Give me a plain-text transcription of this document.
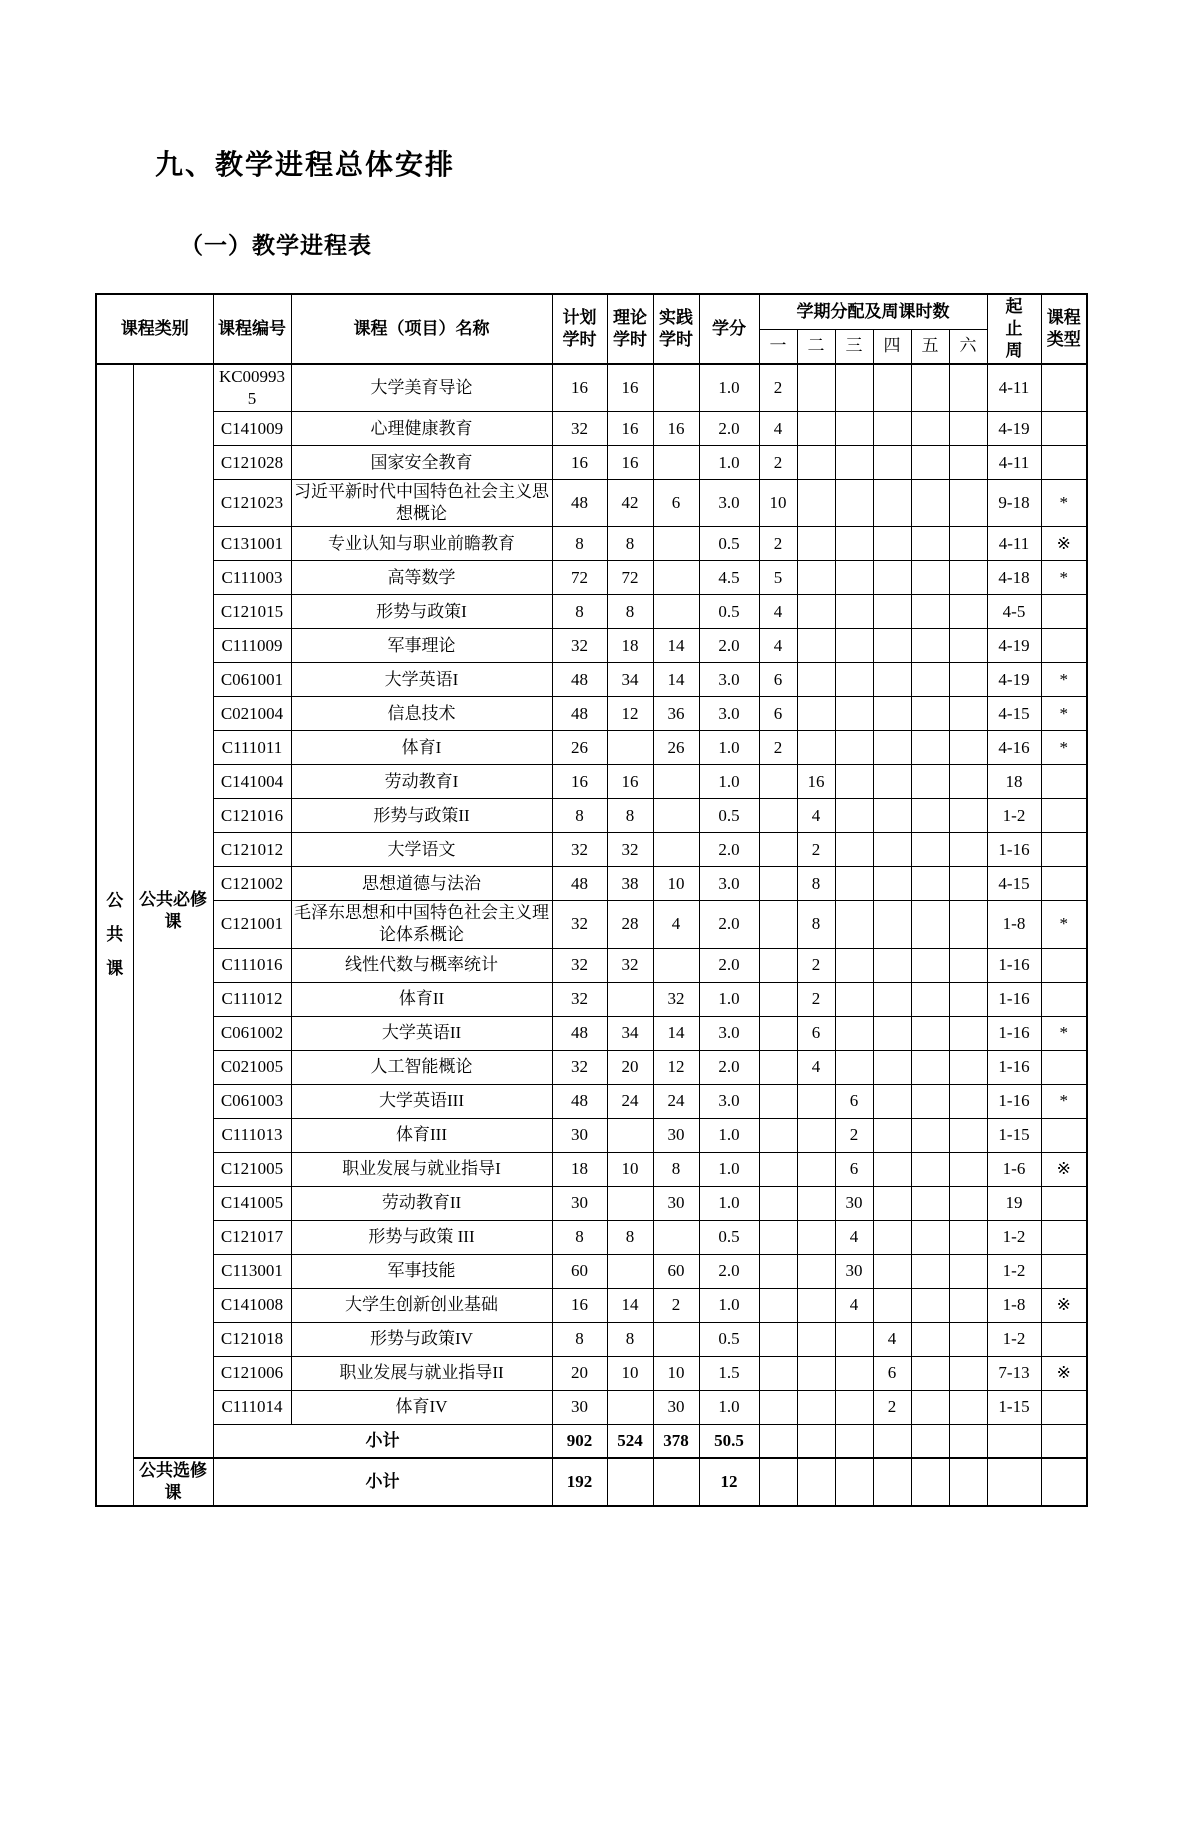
九、教学进程总体安排
（一）教学进程表
课程类别		课程编号	课程（项目）名称	计划学时	理论学时	实践学时	学分	学期分配及周课时数						起止周	课程类型
								一	二	三	四	五	六		

公共课	公共必修课	KC009935	大学美育导论	16	16		1.0	2						4-11	
		C141009	心理健康教育	32	16	16	2.0	4						4-19	
		C121028	国家安全教育	16	16		1.0	2						4-11	
		C121023	习近平新时代中国特色社会主义思想概论	48	42	6	3.0	10						9-18	*
		C131001	专业认知与职业前瞻教育	8	8		0.5	2						4-11	※
		C111003	高等数学	72	72		4.5	5						4-18	*
		C121015	形势与政策I	8	8		0.5	4						4-5	
		C111009	军事理论	32	18	14	2.0	4						4-19	
		C061001	大学英语I	48	34	14	3.0	6						4-19	*
		C021004	信息技术	48	12	36	3.0	6						4-15	*
		C111011	体育I	26		26	1.0	2						4-16	*
		C141004	劳动教育I	16	16		1.0		16					18	
		C121016	形势与政策II	8	8		0.5		4					1-2	
		C121012	大学语文	32	32		2.0		2					1-16	
		C121002	思想道德与法治	48	38	10	3.0		8					4-15	
		C121001	毛泽东思想和中国特色社会主义理论体系概论	32	28	4	2.0		8					1-8	*
		C111016	线性代数与概率统计	32	32		2.0		2					1-16	
		C111012	体育II	32		32	1.0		2					1-16	
		C061002	大学英语II	48	34	14	3.0		6					1-16	*
		C021005	人工智能概论	32	20	12	2.0		4					1-16	
		C061003	大学英语III	48	24	24	3.0			6				1-16	*
		C111013	体育III	30		30	1.0			2				1-15	
		C121005	职业发展与就业指导I	18	10	8	1.0			6				1-6	※
		C141005	劳动教育II	30		30	1.0			30				19	
		C121017	形势与政策 III	8	8		0.5			4				1-2	
		C113001	军事技能	60		60	2.0			30				1-2	
		C141008	大学生创新创业基础	16	14	2	1.0			4				1-8	※
		C121018	形势与政策IV	8	8		0.5				4			1-2	
		C121006	职业发展与就业指导II	20	10	10	1.5				6			7-13	※
		C111014	体育IV	30		30	1.0				2			1-15	
		小计		902	524	378	50.5								
	公共选修课	小计		192			12								
